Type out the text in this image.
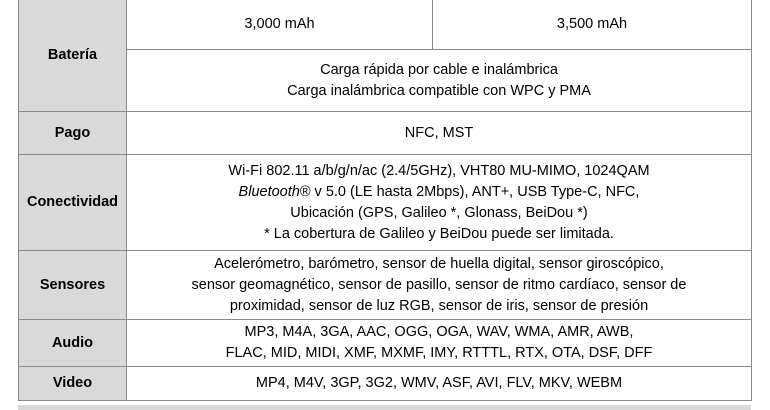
Batería	3,000 mAh	3,500 mAh

	Carga rápida por cable e inalámbrica
Carga inalámbrica compatible con WPC y PMA	

Pago	NFC, MST	
Conectividad	Wi-Fi 802.11 a/b/g/n/ac (2.4/5GHz), VHT80 MU-MIMO, 1024QAM
Bluetooth® v 5.0 (LE hasta 2Mbps), ANT+, USB Type-C, NFC,
Ubicación (GPS, Galileo *, Glonass, BeiDou *)
* La cobertura de Galileo y BeiDou puede ser limitada.	

Sensores	Acelerómetro, barómetro, sensor de huella digital, sensor giroscópico,
sensor geomagnético, sensor de pasillo, sensor de ritmo cardíaco, sensor de
proximidad, sensor de luz RGB, sensor de iris, sensor de presión	

Audio	MP3, M4A, 3GA, AAC, OGG, OGA, WAV, WMA, AMR, AWB,
FLAC, MID, MIDI, XMF, MXMF, IMY, RTTTL, RTX, OTA, DSF, DFF	

Video	MP4, M4V, 3GP, 3G2, WMV, ASF, AVI, FLV, MKV, WEBM	
